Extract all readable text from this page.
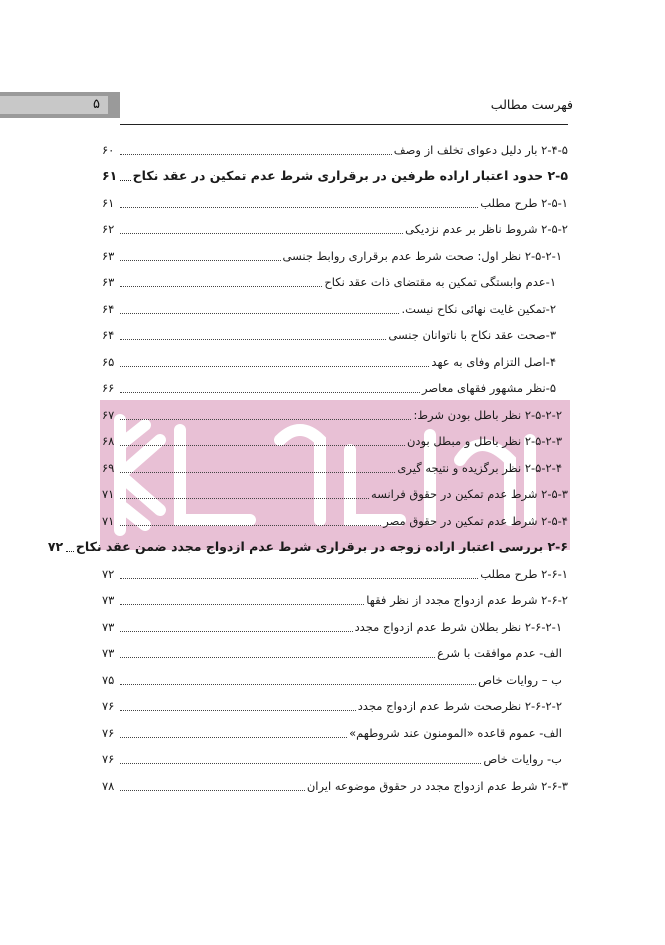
۵	فهرست مطالب
۲-۴-۵ بار دلیل دعوای تخلف از وصف
۶۰
۲-۵ حدود اعتبار اراده طرفین در برقراری شرط عدم تمکین در عقد نکاح
۶۱
۲-۵-۱ طرح مطلب
۶۱
۲-۵-۲ شروط ناظر بر عدم نزدیکی
۶۲
۲-۵-۲-۱ نظر اول: صحت شرط عدم برقراری روابط جنسی
۶۳
۱-عدم وابستگی تمکین به مقتضای ذات عقد نکاح
۶۳
۲-تمکین غایت نهائی نکاح نیست.
۶۴
۳-صحت عقد نکاح با ناتوانان جنسی
۶۴
۴-اصل التزام وفای به عهد
۶۵
۵-نظر مشهور فقهای معاصر
۶۶
۲-۵-۲-۲ نظر باطل بودن شرط:
۶۷
۲-۵-۲-۳ نظر باطل و مبطل بودن
۶۸
۲-۵-۲-۴ نظر برگزیده و نتیجه گیری
۶۹
۲-۵-۳ شرط عدم تمکین در حقوق فرانسه
۷۱
۲-۵-۴ شرط عدم تمکین در حقوق مصر
۷۱
۲-۶ بررسی اعتبار اراده زوجه در برقراری شرط عدم ازدواج مجدد ضمن عقد نکاح
۷۲
۲-۶-۱ طرح مطلب
۷۲
۲-۶-۲ شرط عدم ازدواج مجدد از نظر فقها
۷۳
۲-۶-۲-۱ نظر بطلان شرط عدم ازدواج مجدد
۷۳
الف- عدم موافقت با شرع
۷۳
ب – روایات خاص
۷۵
۲-۶-۲-۲ نظرصحت شرط عدم ازدواج مجدد
۷۶
الف- عموم قاعده «المومنون عند شروطهم»
۷۶
ب- روایات خاص
۷۶
۲-۶-۳ شرط عدم ازدواج مجدد در حقوق موضوعه ایران
۷۸
